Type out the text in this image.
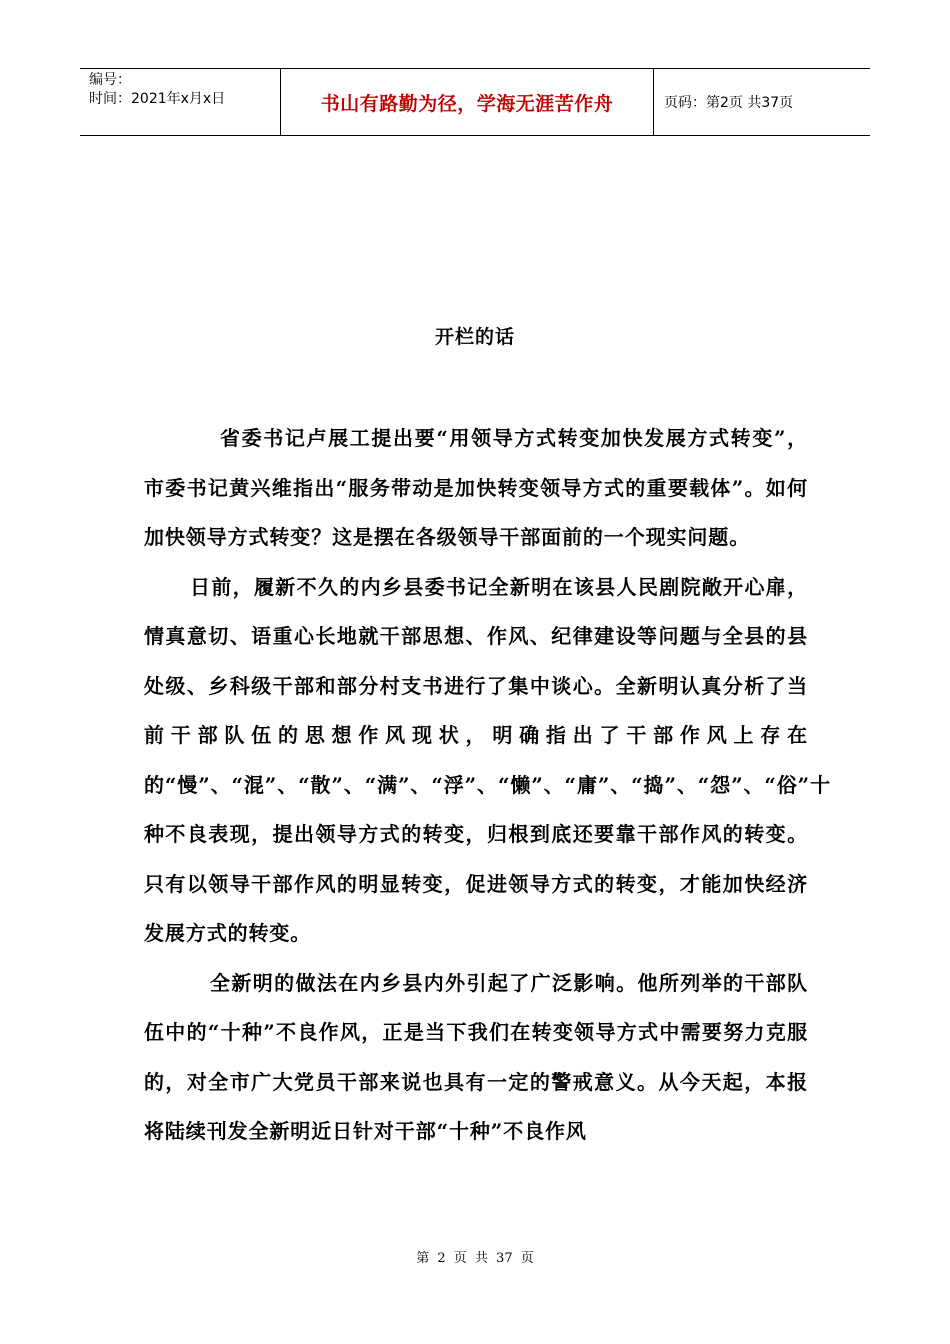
编号：
时间：2021年x月x日	书山有路勤为径，学海无涯苦作舟	页码：第2页 共37页
开栏的话

省委书记卢展工提出要“用领导方式转变加快发展方式转变”，市委书记黄兴维指出“服务带动是加快转变领导方式的重要载体”。如何加快领导方式转变？这是摆在各级领导干部面前的一个现实问题。

日前，履新不久的内乡县委书记全新明在该县人民剧院敞开心扉，情真意切、语重心长地就干部思想、作风、纪律建设等问题与全县的县处级、乡科级干部和部分村支书进行了集中谈心。全新明认真分析了当前干部队伍的思想作风现状，明确指出了干部作风上存在的“慢”、“混”、“散”、“满”、“浮”、“懒”、“庸”、“捣”、“怨”、“俗”十种不良表现，提出领导方式的转变，归根到底还要靠干部作风的转变。只有以领导干部作风的明显转变，促进领导方式的转变，才能加快经济发展方式的转变。

全新明的做法在内乡县内外引起了广泛影响。他所列举的干部队伍中的“十种”不良作风，正是当下我们在转变领导方式中需要努力克服的，对全市广大党员干部来说也具有一定的警戒意义。从今天起，本报将陆续刊发全新明近日针对干部“十种”不良作风

第 2 页 共 37 页
